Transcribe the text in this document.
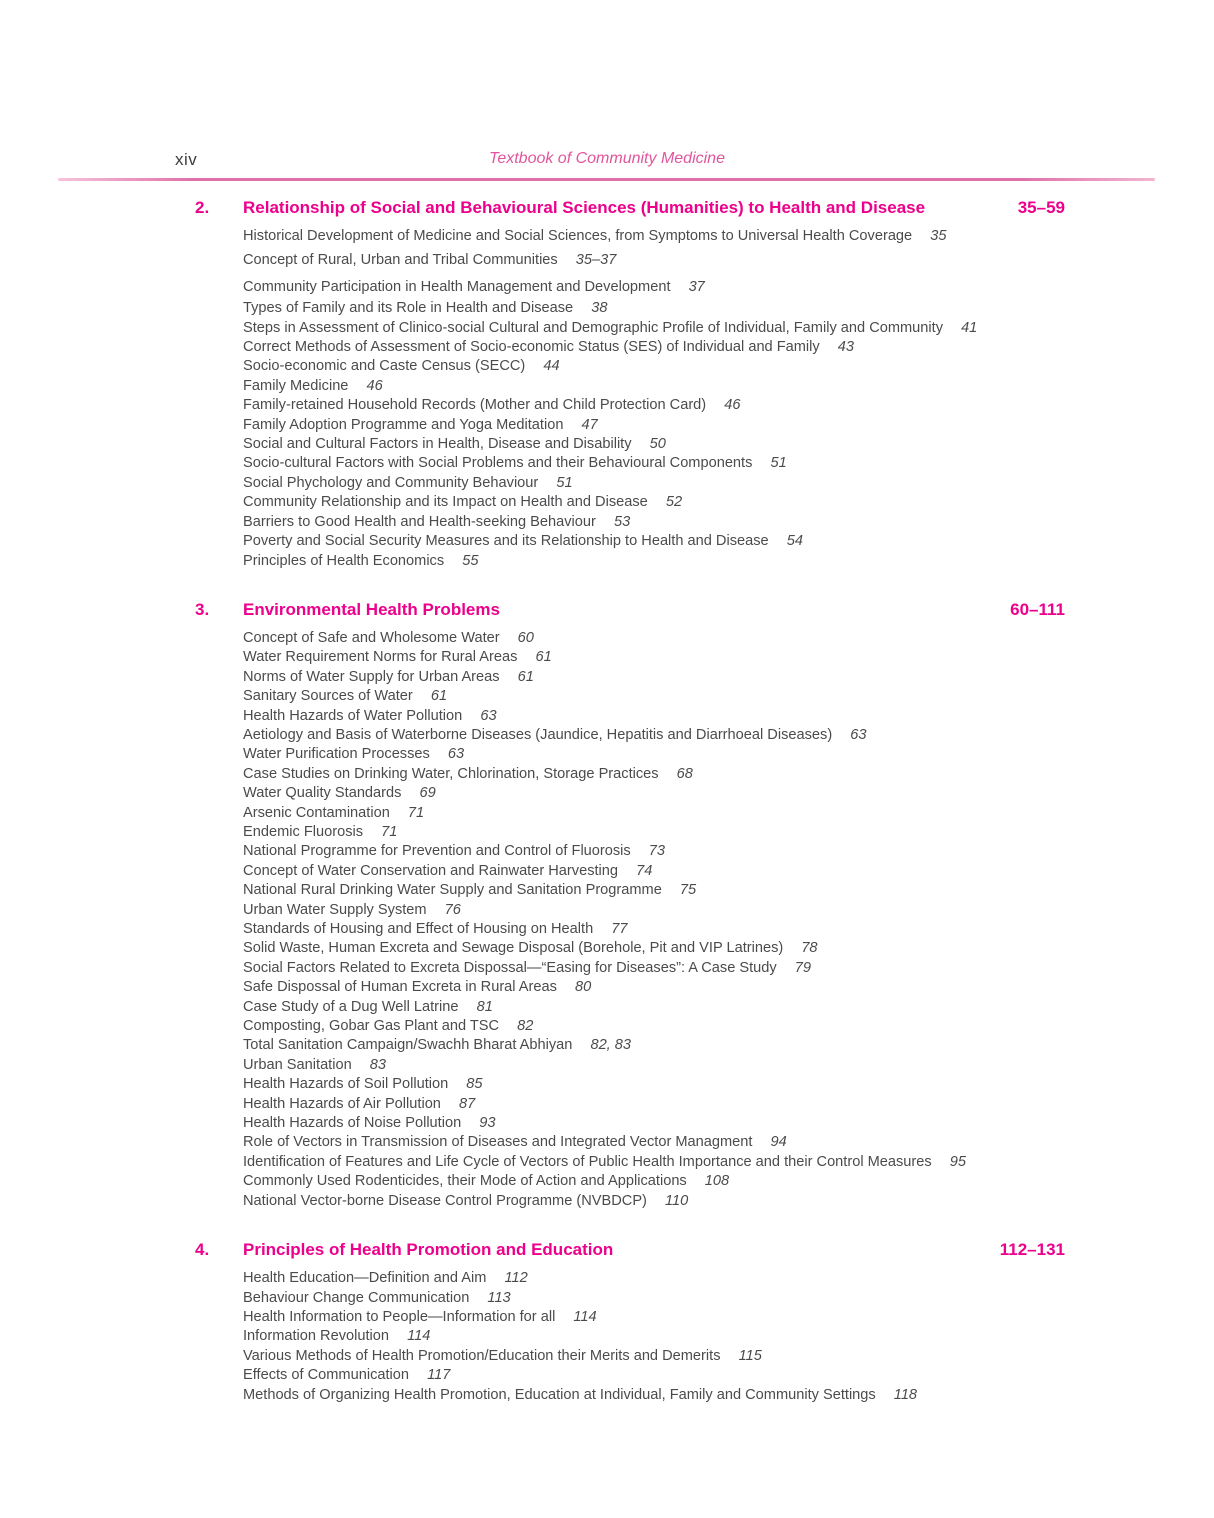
xiv	Textbook of Community Medicine
2.	Relationship of Social and Behavioural Sciences (Humanities) to Health and Disease	35–59
Historical Development of Medicine and Social Sciences, from Symptoms to Universal Health Coverage 35
Concept of Rural, Urban and Tribal Communities 35–37
Community Participation in Health Management and Development 37
Types of Family and its Role in Health and Disease 38
Steps in Assessment of Clinico-social Cultural and Demographic Profile of Individual, Family and Community 41
Correct Methods of Assessment of Socio-economic Status (SES) of Individual and Family 43
Socio-economic and Caste Census (SECC) 44
Family Medicine 46
Family-retained Household Records (Mother and Child Protection Card) 46
Family Adoption Programme and Yoga Meditation 47
Social and Cultural Factors in Health, Disease and Disability 50
Socio-cultural Factors with Social Problems and their Behavioural Components 51
Social Phychology and Community Behaviour 51
Community Relationship and its Impact on Health and Disease 52
Barriers to Good Health and Health-seeking Behaviour 53
Poverty and Social Security Measures and its Relationship to Health and Disease 54
Principles of Health Economics 55
3.	Environmental Health Problems	60–111
Concept of Safe and Wholesome Water 60
Water Requirement Norms for Rural Areas 61
Norms of Water Supply for Urban Areas 61
Sanitary Sources of Water 61
Health Hazards of Water Pollution 63
Aetiology and Basis of Waterborne Diseases (Jaundice, Hepatitis and Diarrhoeal Diseases) 63
Water Purification Processes 63
Case Studies on Drinking Water, Chlorination, Storage Practices 68
Water Quality Standards 69
Arsenic Contamination 71
Endemic Fluorosis 71
National Programme for Prevention and Control of Fluorosis 73
Concept of Water Conservation and Rainwater Harvesting 74
National Rural Drinking Water Supply and Sanitation Programme 75
Urban Water Supply System 76
Standards of Housing and Effect of Housing on Health 77
Solid Waste, Human Excreta and Sewage Disposal (Borehole, Pit and VIP Latrines) 78
Social Factors Related to Excreta Dispossal—“Easing for Diseases”: A Case Study 79
Safe Dispossal of Human Excreta in Rural Areas 80
Case Study of a Dug Well Latrine 81
Composting, Gobar Gas Plant and TSC 82
Total Sanitation Campaign/Swachh Bharat Abhiyan 82, 83
Urban Sanitation 83
Health Hazards of Soil Pollution 85
Health Hazards of Air Pollution 87
Health Hazards of Noise Pollution 93
Role of Vectors in Transmission of Diseases and Integrated Vector Managment 94
Identification of Features and Life Cycle of Vectors of Public Health Importance and their Control Measures 95
Commonly Used Rodenticides, their Mode of Action and Applications 108
National Vector-borne Disease Control Programme (NVBDCP) 110
4.	Principles of Health Promotion and Education	112–131
Health Education—Definition and Aim 112
Behaviour Change Communication 113
Health Information to People—Information for all 114
Information Revolution 114
Various Methods of Health Promotion/Education their Merits and Demerits 115
Effects of Communication 117
Methods of Organizing Health Promotion, Education at Individual, Family and Community Settings 118
